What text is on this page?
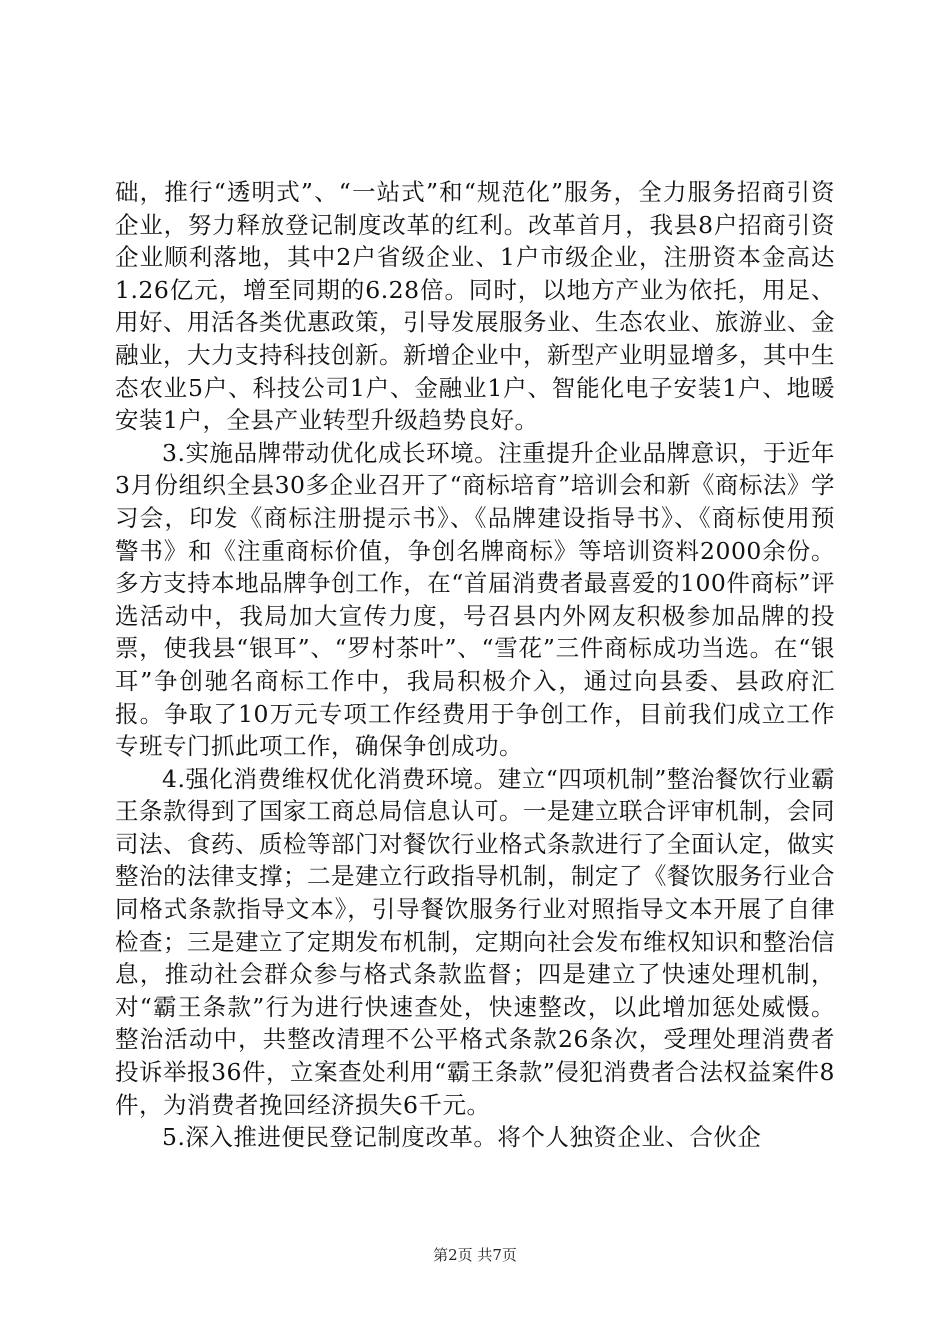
础，推行“透明式”、“一站式”和“规范化”服务，全力服务招商引资企业，努力释放登记制度改革的红利。改革首月，我县8户招商引资企业顺利落地，其中2户省级企业、1户市级企业，注册资本金高达1.26亿元，增至同期的6.28倍。同时，以地方产业为依托，用足、用好、用活各类优惠政策，引导发展服务业、生态农业、旅游业、金融业，大力支持科技创新。新增企业中，新型产业明显增多，其中生态农业5户、科技公司1户、金融业1户、智能化电子安装1户、地暖安装1户，全县产业转型升级趋势良好。

3.实施品牌带动优化成长环境。注重提升企业品牌意识，于近年3月份组织全县30多企业召开了“商标培育”培训会和新《商标法》学习会，印发《商标注册提示书》、《品牌建设指导书》、《商标使用预警书》和《注重商标价值，争创名牌商标》等培训资料2000余份。多方支持本地品牌争创工作，在“首届消费者最喜爱的100件商标”评选活动中，我局加大宣传力度，号召县内外网友积极参加品牌的投票，使我县“银耳”、“罗村茶叶”、“雪花”三件商标成功当选。在“银耳”争创驰名商标工作中，我局积极介入，通过向县委、县政府汇报。争取了10万元专项工作经费用于争创工作，目前我们成立工作专班专门抓此项工作，确保争创成功。

4.强化消费维权优化消费环境。建立“四项机制”整治餐饮行业霸王条款得到了国家工商总局信息认可。一是建立联合评审机制，会同司法、食药、质检等部门对餐饮行业格式条款进行了全面认定，做实整治的法律支撑；二是建立行政指导机制，制定了《餐饮服务行业合同格式条款指导文本》，引导餐饮服务行业对照指导文本开展了自律检查；三是建立了定期发布机制，定期向社会发布维权知识和整治信息，推动社会群众参与格式条款监督；四是建立了快速处理机制，对“霸王条款”行为进行快速查处，快速整改，以此增加惩处威慑。整治活动中，共整改清理不公平格式条款26条次，受理处理消费者投诉举报36件，立案查处利用“霸王条款”侵犯消费者合法权益案件8件，为消费者挽回经济损失6千元。

5.深入推进便民登记制度改革。将个人独资企业、合伙企

第2页 共7页
